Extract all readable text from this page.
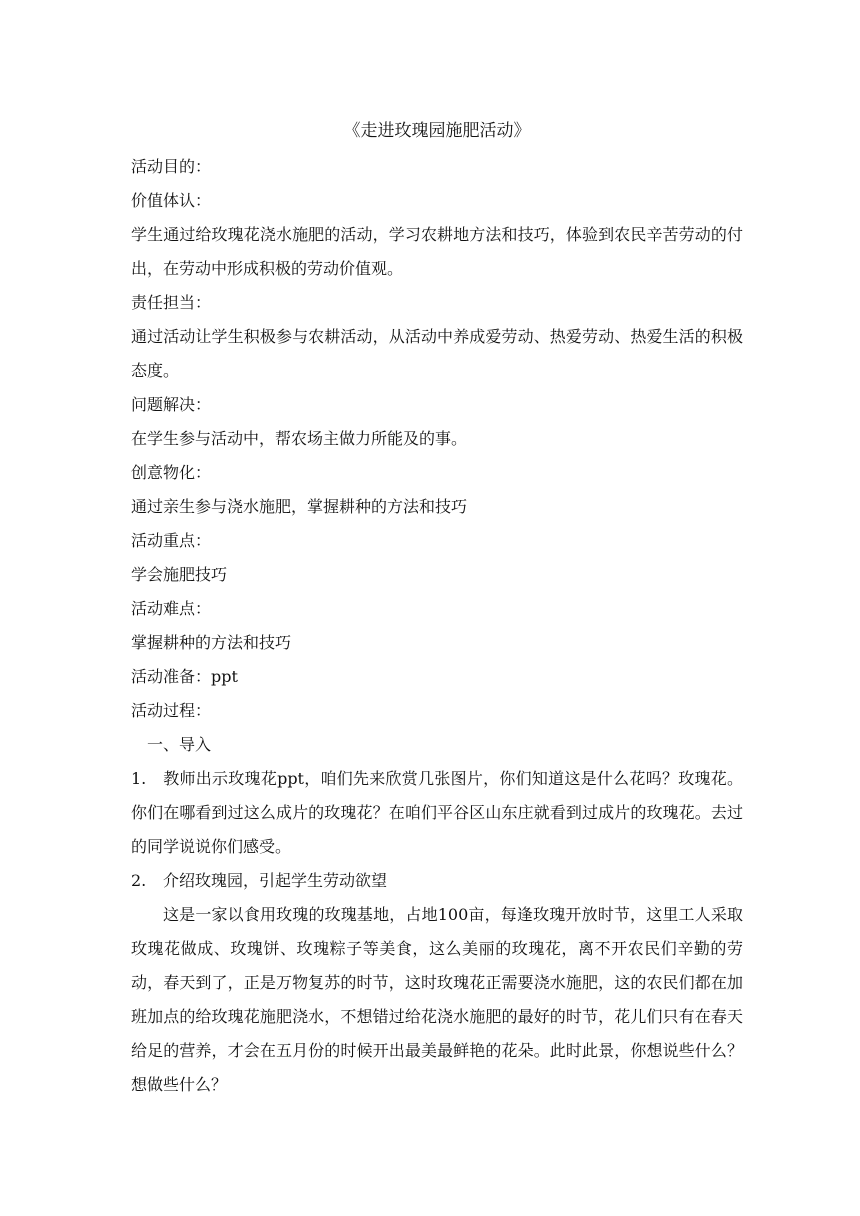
《走进玫瑰园施肥活动》

活动目的：

价值体认：

学生通过给玫瑰花浇水施肥的活动，学习农耕地方法和技巧，体验到农民辛苦劳动的付出，在劳动中形成积极的劳动价值观。

责任担当：

通过活动让学生积极参与农耕活动，从活动中养成爱劳动、热爱劳动、热爱生活的积极态度。

问题解决：

在学生参与活动中，帮农场主做力所能及的事。

创意物化：

通过亲生参与浇水施肥，掌握耕种的方法和技巧

活动重点：

学会施肥技巧

活动难点：

掌握耕种的方法和技巧

活动准备：ppt

活动过程：

一、导入

1. 教师出示玫瑰花ppt，咱们先来欣赏几张图片，你们知道这是什么花吗？玫瑰花。你们在哪看到过这么成片的玫瑰花？在咱们平谷区山东庄就看到过成片的玫瑰花。去过的同学说说你们感受。

2. 介绍玫瑰园，引起学生劳动欲望

这是一家以食用玫瑰的玫瑰基地，占地100亩，每逢玫瑰开放时节，这里工人采取玫瑰花做成、玫瑰饼、玫瑰粽子等美食，这么美丽的玫瑰花，离不开农民们辛勤的劳动，春天到了，正是万物复苏的时节，这时玫瑰花正需要浇水施肥，这的农民们都在加班加点的给玫瑰花施肥浇水，不想错过给花浇水施肥的最好的时节，花儿们只有在春天给足的营养，才会在五月份的时候开出最美最鲜艳的花朵。此时此景，你想说些什么？想做些什么？
